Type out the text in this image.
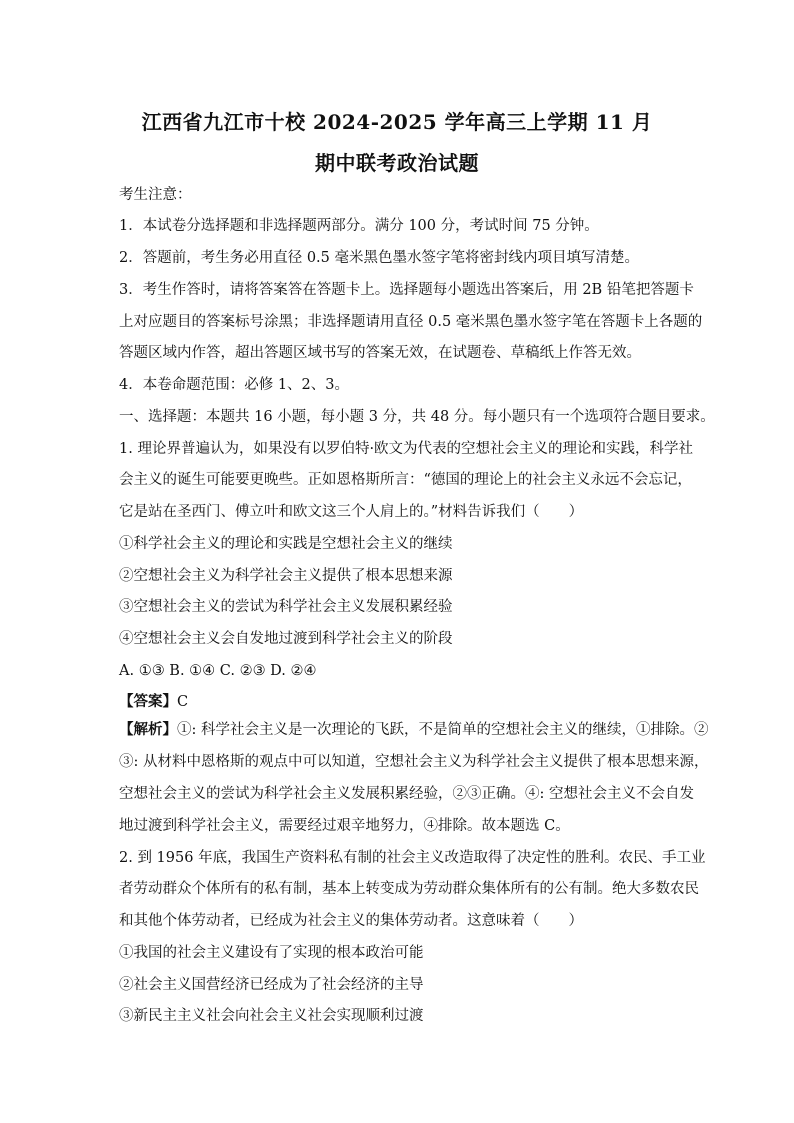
江西省九江市十校 2024-2025 学年高三上学期 11 月
期中联考政治试题
考生注意：
1．本试卷分选择题和非选择题两部分。满分 100 分，考试时间 75 分钟。
2．答题前，考生务必用直径 0.5 毫米黑色墨水签字笔将密封线内项目填写清楚。
3．考生作答时，请将答案答在答题卡上。选择题每小题选出答案后，用 2B 铅笔把答题卡
上对应题目的答案标号涂黑；非选择题请用直径 0.5 毫米黑色墨水签字笔在答题卡上各题的
答题区域内作答，超出答题区域书写的答案无效，在试题卷、草稿纸上作答无效。
4．本卷命题范围：必修 1、2、3。
一、选择题：本题共 16 小题，每小题 3 分，共 48 分。每小题只有一个选项符合题目要求。
1. 理论界普遍认为，如果没有以罗伯特·欧文为代表的空想社会主义的理论和实践，科学社
会主义的诞生可能要更晚些。正如恩格斯所言：“德国的理论上的社会主义永远不会忘记，
它是站在圣西门、傅立叶和欧文这三个人肩上的。”材料告诉我们（　　）
①科学社会主义的理论和实践是空想社会主义的继续
②空想社会主义为科学社会主义提供了根本思想来源
③空想社会主义的尝试为科学社会主义发展积累经验
④空想社会主义会自发地过渡到科学社会主义的阶段
A. ①③ B. ①④ C. ②③ D. ②④
【答案】C
【解析】①: 科学社会主义是一次理论的飞跃，不是简单的空想社会主义的继续，①排除。②
③: 从材料中恩格斯的观点中可以知道，空想社会主义为科学社会主义提供了根本思想来源，
空想社会主义的尝试为科学社会主义发展积累经验，②③正确。④: 空想社会主义不会自发
地过渡到科学社会主义，需要经过艰辛地努力，④排除。故本题选 C。
2. 到 1956 年底，我国生产资料私有制的社会主义改造取得了决定性的胜利。农民、手工业
者劳动群众个体所有的私有制，基本上转变成为劳动群众集体所有的公有制。绝大多数农民
和其他个体劳动者，已经成为社会主义的集体劳动者。这意味着（　　）
①我国的社会主义建设有了实现的根本政治可能
②社会主义国营经济已经成为了社会经济的主导
③新民主主义社会向社会主义社会实现顺利过渡
